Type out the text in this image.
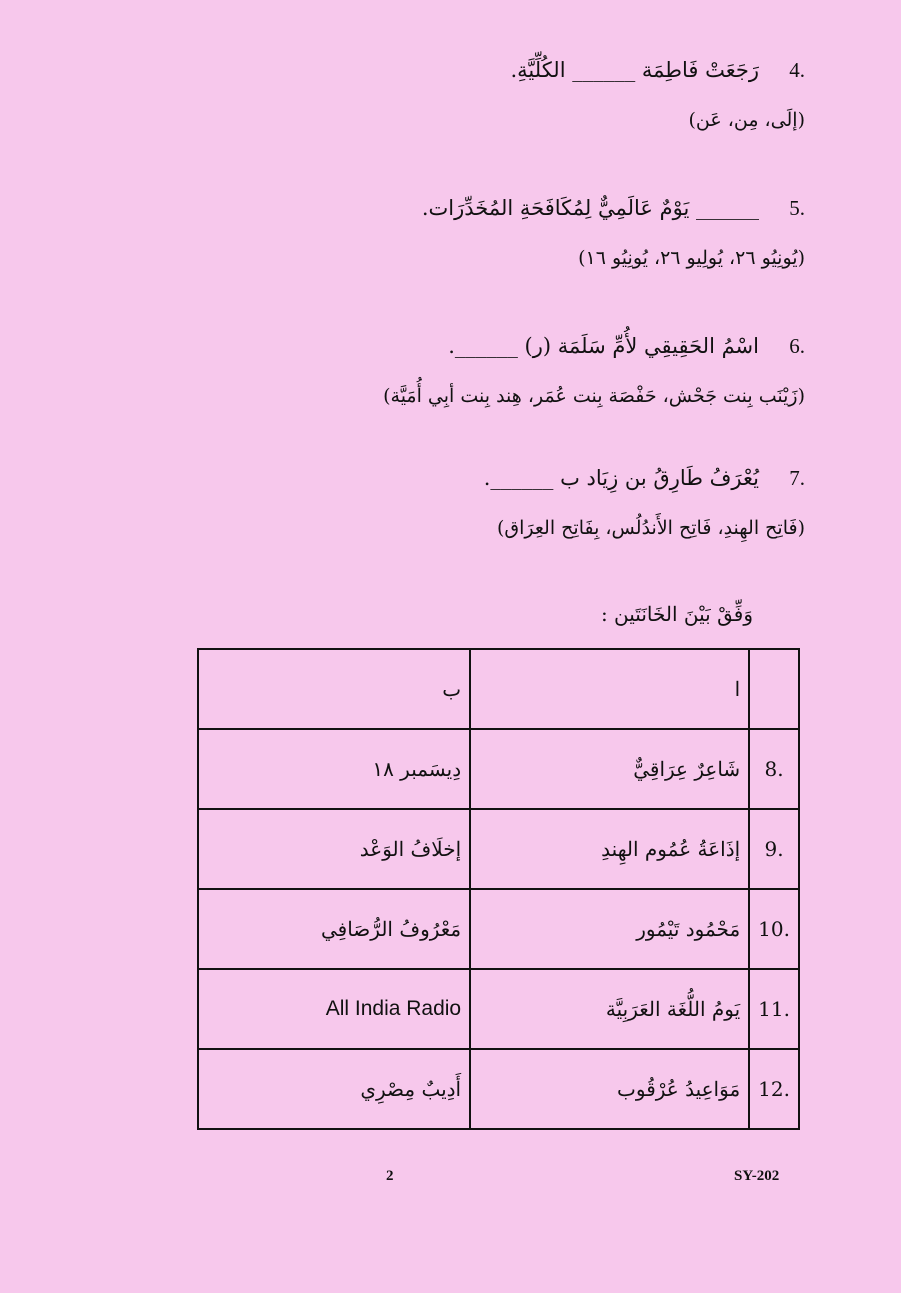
4.
رَجَعَتْ فَاطِمَة ______ الكُلِّيَّةِ.
(إلَى، مِن، عَن)
5.
______ يَوْمٌ عَالَمِيٌّ لِمُكَافَحَةِ المُخَدِّرَات.
(يُونِيُو ٢٦، يُولِيو ٢٦، يُونِيُو ١٦)
6.
اسْمُ الحَقِيقِي لأُمِّ سَلَمَة (ر) ______.
(زَيْنَب بِنت جَحْش، حَفْصَة بِنت عُمَر، هِند بِنت أبِي أُمَيَّة)
7.
يُعْرَفُ طَارِقُ بن زِيَاد ب ______.
(فَاتِح الهِندِ، فَاتِح الأَندُلُس، بِفَاتِح العِرَاق)
وَفِّقْ بَيْنَ الخَانَتَين :
ب	ا	
دِيسَمبر ١٨	شَاعِرٌ عِرَاقِيٌّ	8.
إخلَافُ الوَعْد	إذَاعَةُ عُمُوم الهِندِ	9.
مَعْرُوفُ الرُّصَافِي	مَحْمُود تَيْمُور	10.
All India Radio	يَومُ اللُّغَة العَرَبِيَّة	11.
أَدِيبٌ مِصْرِي	مَوَاعِيدُ عُرْقُوب	12.
2	SY-202
